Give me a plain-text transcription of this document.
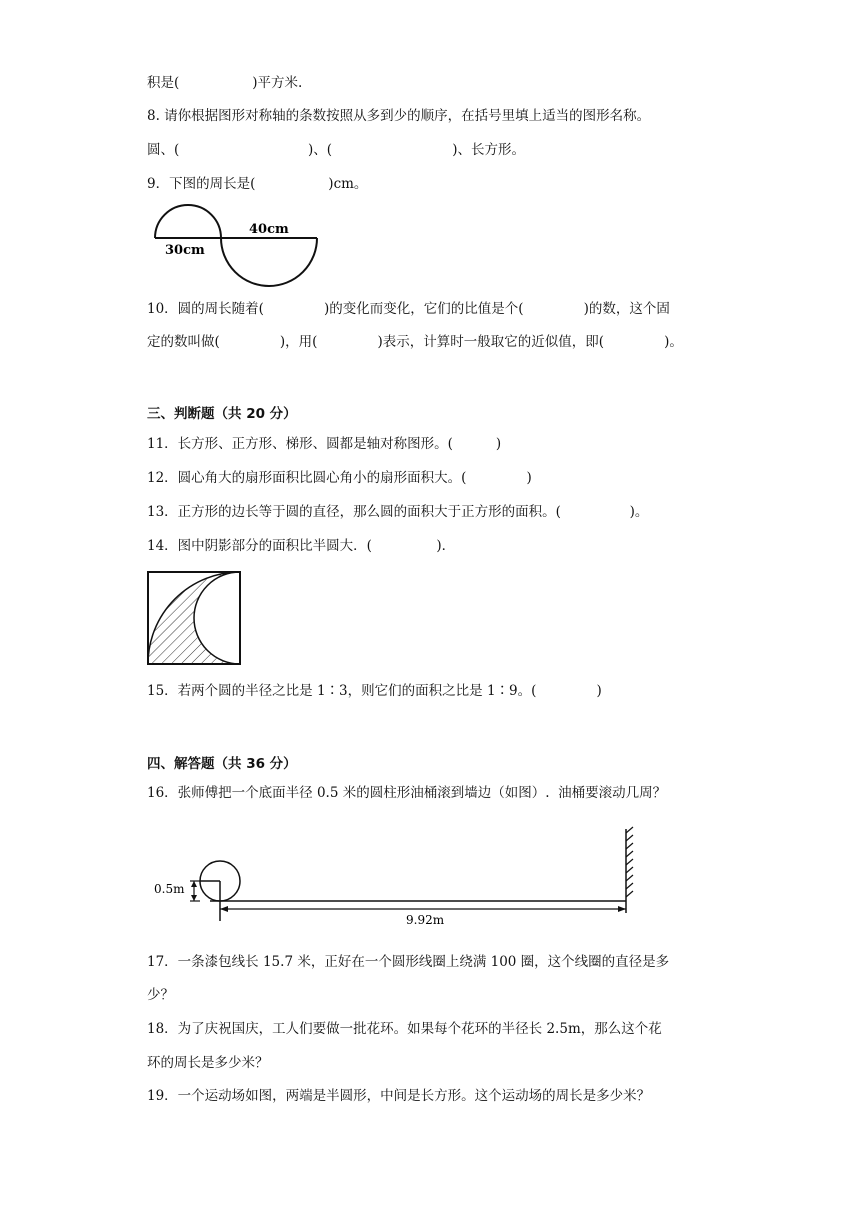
积是(                 )平方米.
8. 请你根据图形对称轴的条数按照从多到少的顺序，在括号里填上适当的图形名称。
圆、(                              )、(                            )、长方形。
9．下图的周长是(                 )cm。
40cm
30cm
10．圆的周长随着(              )的变化而变化，它们的比值是个(              )的数，这个固
定的数叫做(              )，用(              )表示，计算时一般取它的近似值，即(              )。
三、判断题（共 20 分）
11．长方形、正方形、梯形、圆都是轴对称图形。(          )
12．圆心角大的扇形面积比圆心角小的扇形面积大。(              )
13．正方形的边长等于圆的直径，那么圆的面积大于正方形的面积。(                )。
14．图中阴影部分的面积比半圆大．(               )．
15．若两个圆的半径之比是 1∶3，则它们的面积之比是 1∶9。(              )
四、解答题（共 36 分）
16．张师傅把一个底面半径 0.5 米的圆柱形油桶滚到墙边（如图）.  油桶要滚动几周？
0.5m
9.92m
17．一条漆包线长 15.7 米，正好在一个圆形线圈上绕满 100 圈，这个线圈的直径是多
少？
18．为了庆祝国庆，工人们要做一批花环。如果每个花环的半径长 2.5m，那么这个花
环的周长是多少米？
19．一个运动场如图，两端是半圆形，中间是长方形。这个运动场的周长是多少米？
